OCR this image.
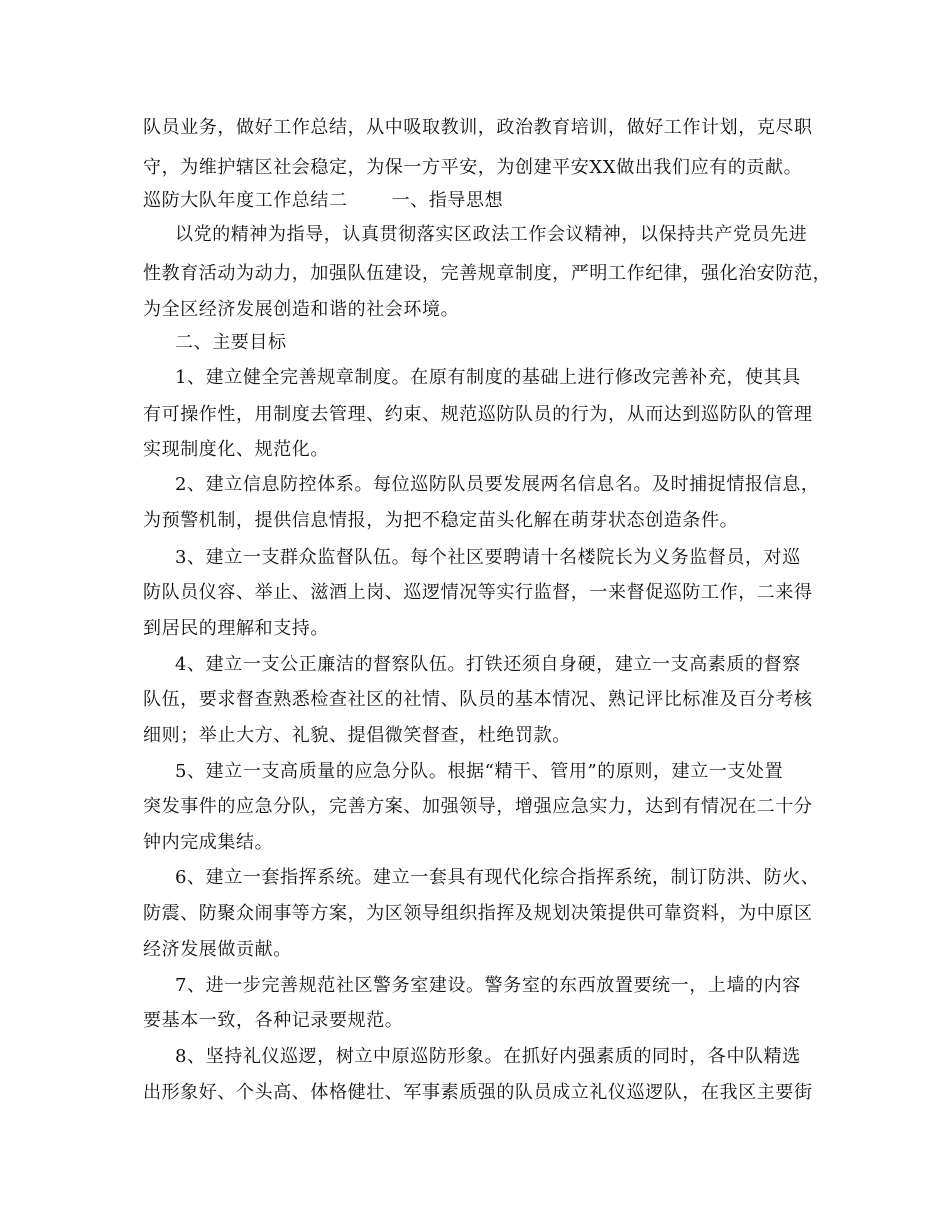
队员业务，做好工作总结，从中吸取教训，政治教育培训，做好工作计划，克尽职
守，为维护辖区社会稳定，为保一方平安，为创建平安XX做出我们应有的贡献。
巡防大队年度工作总结二 一、指导思想
以党的精神为指导，认真贯彻落实区政法工作会议精神，以保持共产党员先进
性教育活动为动力，加强队伍建设，完善规章制度，严明工作纪律，强化治安防范，
为全区经济发展创造和谐的社会环境。
二、主要目标
1、建立健全完善规章制度。在原有制度的基础上进行修改完善补充，使其具
有可操作性，用制度去管理、约束、规范巡防队员的行为，从而达到巡防队的管理
实现制度化、规范化。
2、建立信息防控体系。每位巡防队员要发展两名信息名。及时捕捉情报信息，
为预警机制，提供信息情报，为把不稳定苗头化解在萌芽状态创造条件。
3、建立一支群众监督队伍。每个社区要聘请十名楼院长为义务监督员，对巡
防队员仪容、举止、滋酒上岗、巡逻情况等实行监督，一来督促巡防工作，二来得
到居民的理解和支持。
4、建立一支公正廉洁的督察队伍。打铁还须自身硬，建立一支高素质的督察
队伍，要求督查熟悉检查社区的社情、队员的基本情况、熟记评比标准及百分考核
细则；举止大方、礼貌、提倡微笑督查，杜绝罚款。
5、建立一支高质量的应急分队。根据“精干、管用”的原则，建立一支处置
突发事件的应急分队，完善方案、加强领导，增强应急实力，达到有情况在二十分
钟内完成集结。
6、建立一套指挥系统。建立一套具有现代化综合指挥系统，制订防洪、防火、
防震、防聚众闹事等方案，为区领导组织指挥及规划决策提供可靠资料，为中原区
经济发展做贡献。
7、进一步完善规范社区警务室建设。警务室的东西放置要统一，上墙的内容
要基本一致，各种记录要规范。
8、坚持礼仪巡逻，树立中原巡防形象。在抓好内强素质的同时，各中队精选
出形象好、个头高、体格健壮、军事素质强的队员成立礼仪巡逻队，在我区主要街
